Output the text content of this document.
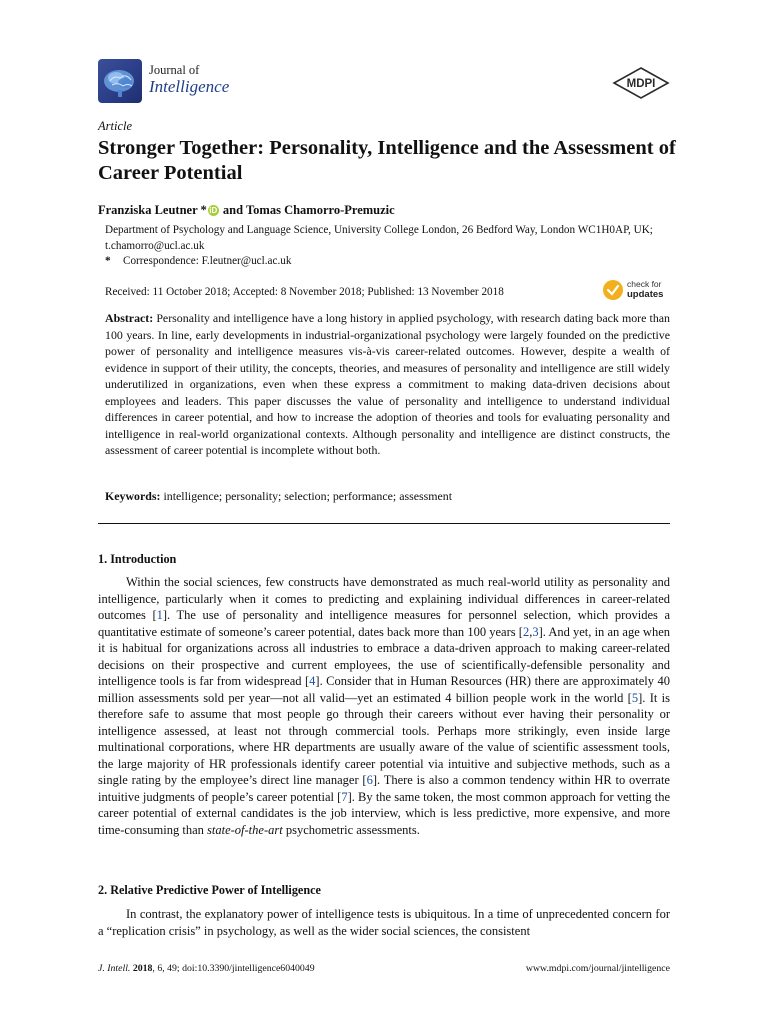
Journal of
Intelligence	MDPI
Article
Stronger Together: Personality, Intelligence and the Assessment of Career Potential
Franziska Leutner * iD and Tomas Chamorro-Premuzic
Department of Psychology and Language Science, University College London, 26 Bedford Way, London WC1H0AP, UK; t.chamorro@ucl.ac.uk
* Correspondence: F.leutner@ucl.ac.uk
Received: 11 October 2018; Accepted: 8 November 2018; Published: 13 November 2018
check for
updates
Abstract: Personality and intelligence have a long history in applied psychology, with research dating back more than 100 years. In line, early developments in industrial-organizational psychology were largely founded on the predictive power of personality and intelligence measures vis-à-vis career-related outcomes. However, despite a wealth of evidence in support of their utility, the concepts, theories, and measures of personality and intelligence are still widely underutilized in organizations, even when these express a commitment to making data-driven decisions about employees and leaders. This paper discusses the value of personality and intelligence to understand individual differences in career potential, and how to increase the adoption of theories and tools for evaluating personality and intelligence in real-world organizational contexts. Although personality and intelligence are distinct constructs, the assessment of career potential is incomplete without both.
Keywords: intelligence; personality; selection; performance; assessment
1. Introduction
Within the social sciences, few constructs have demonstrated as much real-world utility as personality and intelligence, particularly when it comes to predicting and explaining individual differences in career-related outcomes [1]. The use of personality and intelligence measures for personnel selection, which provides a quantitative estimate of someone’s career potential, dates back more than 100 years [2,3]. And yet, in an age when it is habitual for organizations across all industries to embrace a data-driven approach to making career-related decisions on their prospective and current employees, the use of scientifically-defensible personality and intelligence tools is far from widespread [4]. Consider that in Human Resources (HR) there are approximately 40 million assessments sold per year—not all valid—yet an estimated 4 billion people work in the world [5]. It is therefore safe to assume that most people go through their careers without ever having their personality or intelligence assessed, at least not through commercial tools. Perhaps more strikingly, even inside large multinational corporations, where HR departments are usually aware of the value of scientific assessment tools, the large majority of HR professionals identify career potential via intuitive and subjective methods, such as a single rating by the employee’s direct line manager [6]. There is also a common tendency within HR to overrate intuitive judgments of people’s career potential [7]. By the same token, the most common approach for vetting the career potential of external candidates is the job interview, which is less predictive, more expensive, and more time-consuming than state-of-the-art psychometric assessments.
2. Relative Predictive Power of Intelligence
In contrast, the explanatory power of intelligence tests is ubiquitous. In a time of unprecedented concern for a “replication crisis” in psychology, as well as the wider social sciences, the consistent
J. Intell. 2018, 6, 49; doi:10.3390/jintelligence6040049	www.mdpi.com/journal/jintelligence
